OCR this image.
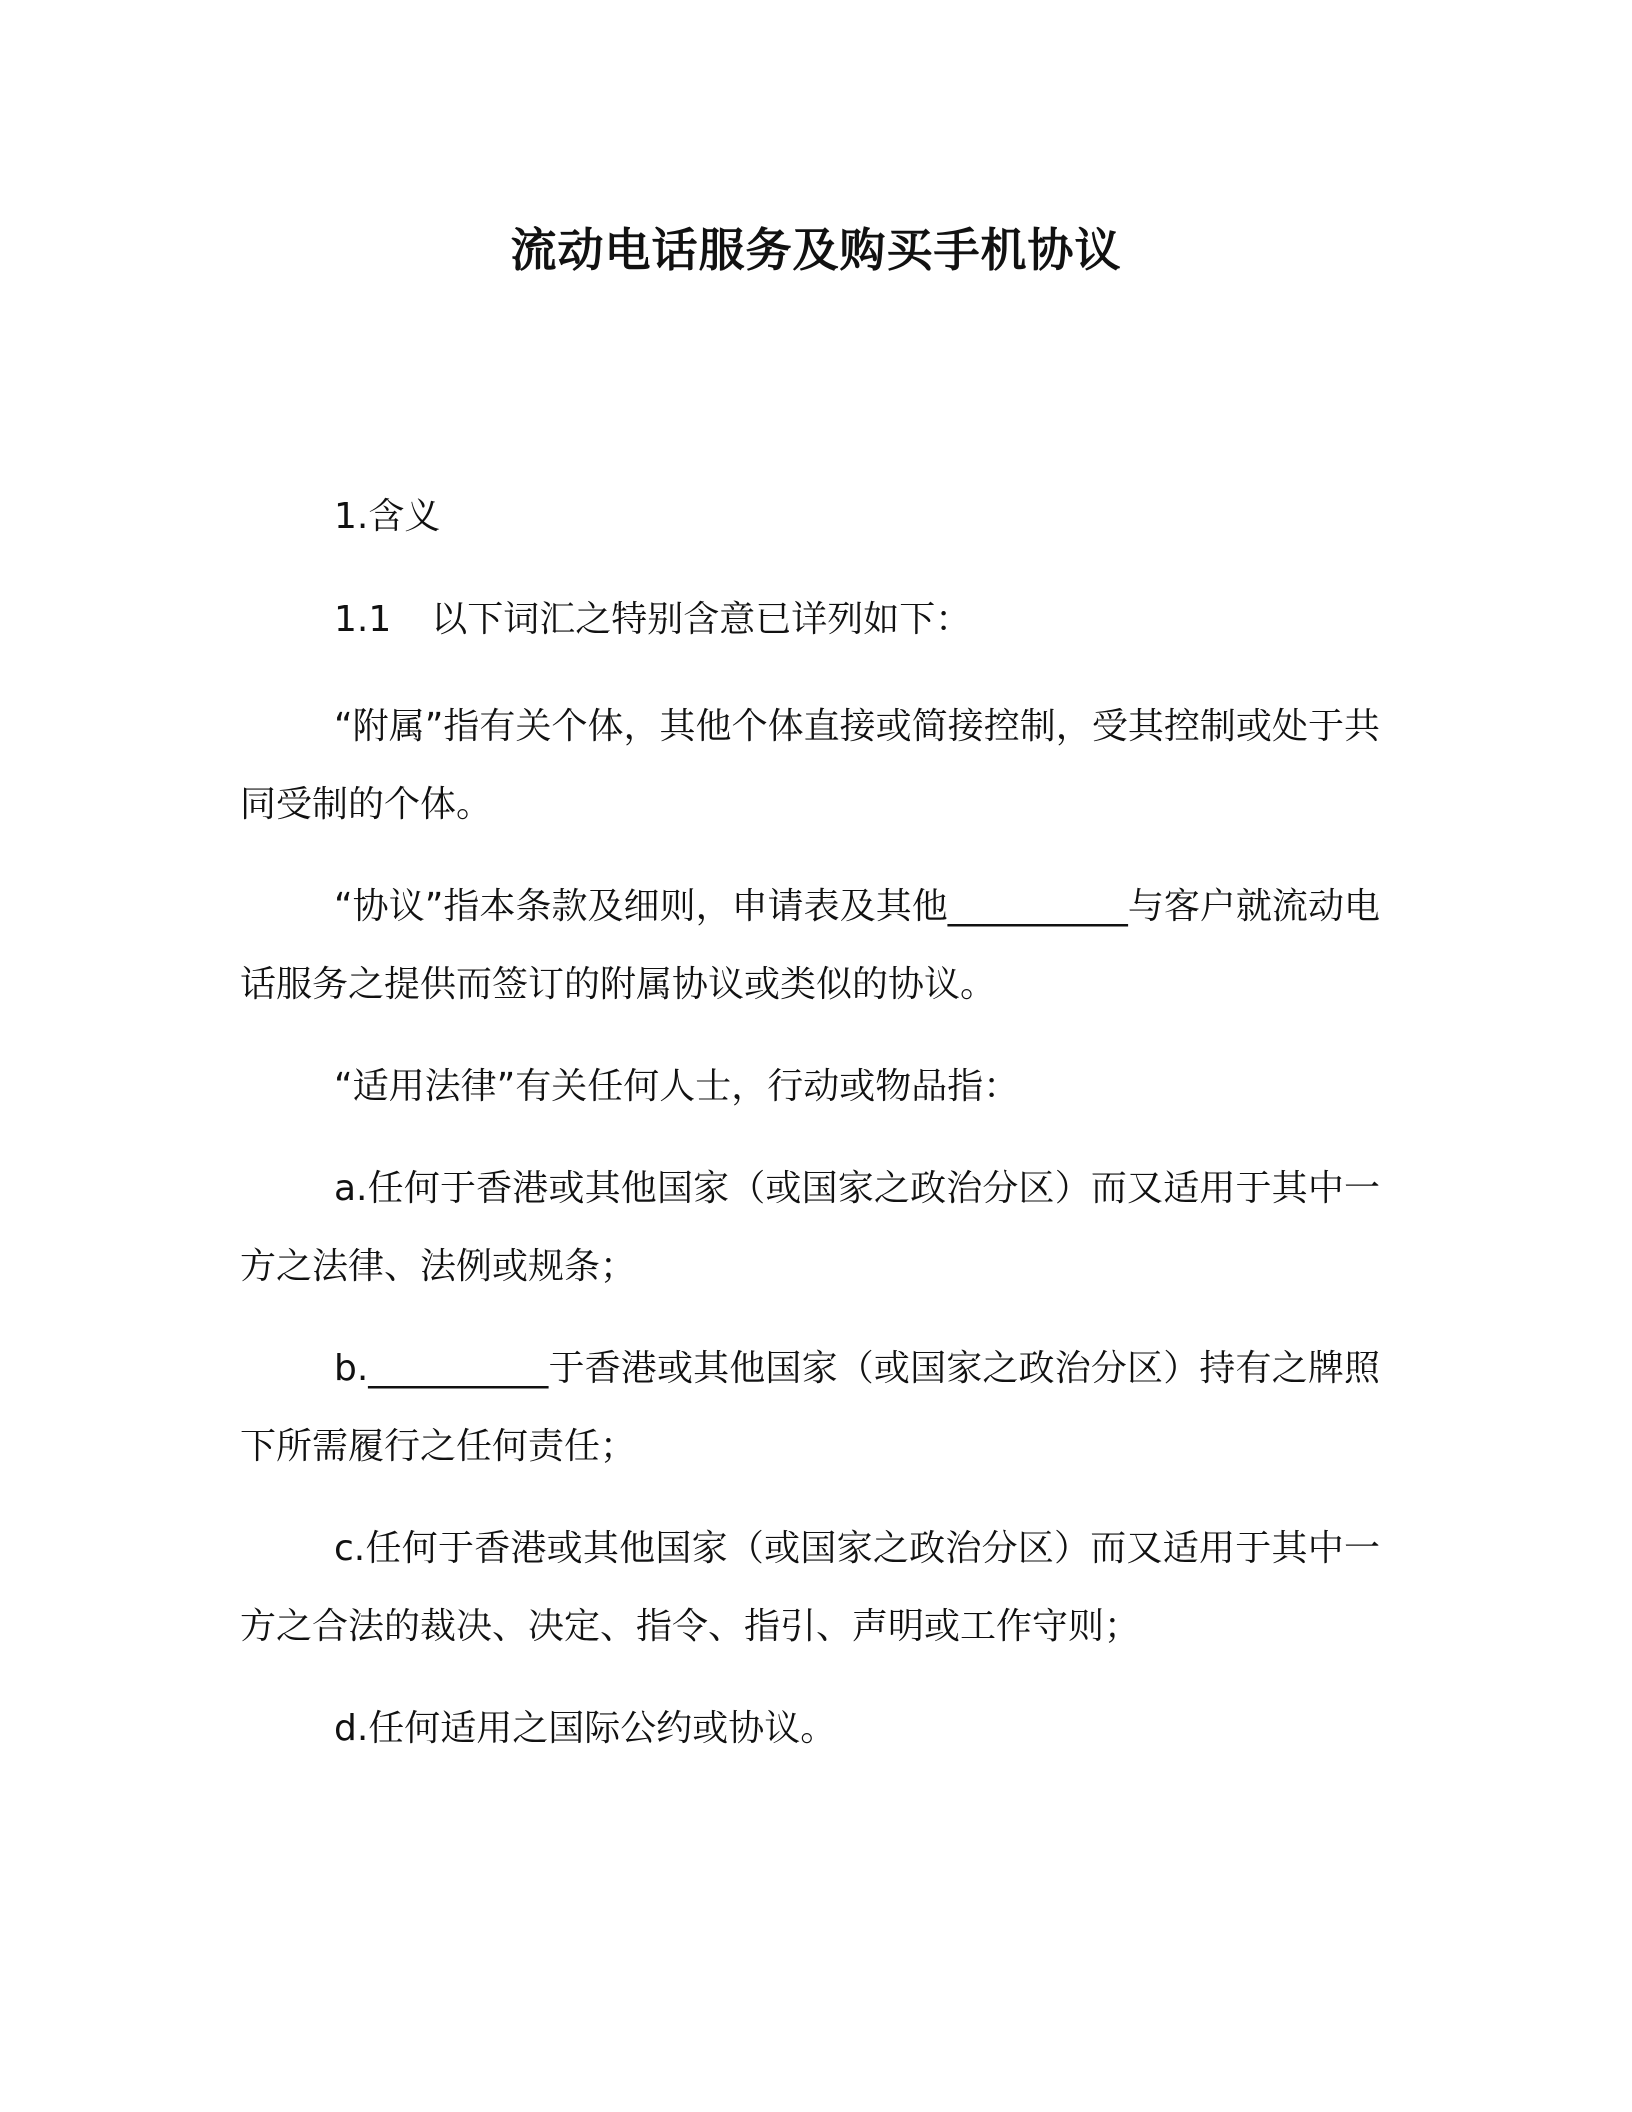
流动电话服务及购买手机协议
1.含义
1.1 以下词汇之特别含意已详列如下：

“附属”指有关个体，其他个体直接或简接控制，受其控制或处于共同受制的个体。

“协议”指本条款及细则，申请表及其他__________与客户就流动电话服务之提供而签订的附属协议或类似的协议。

“适用法律”有关任何人士，行动或物品指：

a.任何于香港或其他国家（或国家之政治分区）而又适用于其中一方之法律、法例或规条；

b.__________于香港或其他国家（或国家之政治分区）持有之牌照下所需履行之任何责任；

c.任何于香港或其他国家（或国家之政治分区）而又适用于其中一方之合法的裁决、决定、指令、指引、声明或工作守则；

d.任何适用之国际公约或协议。
